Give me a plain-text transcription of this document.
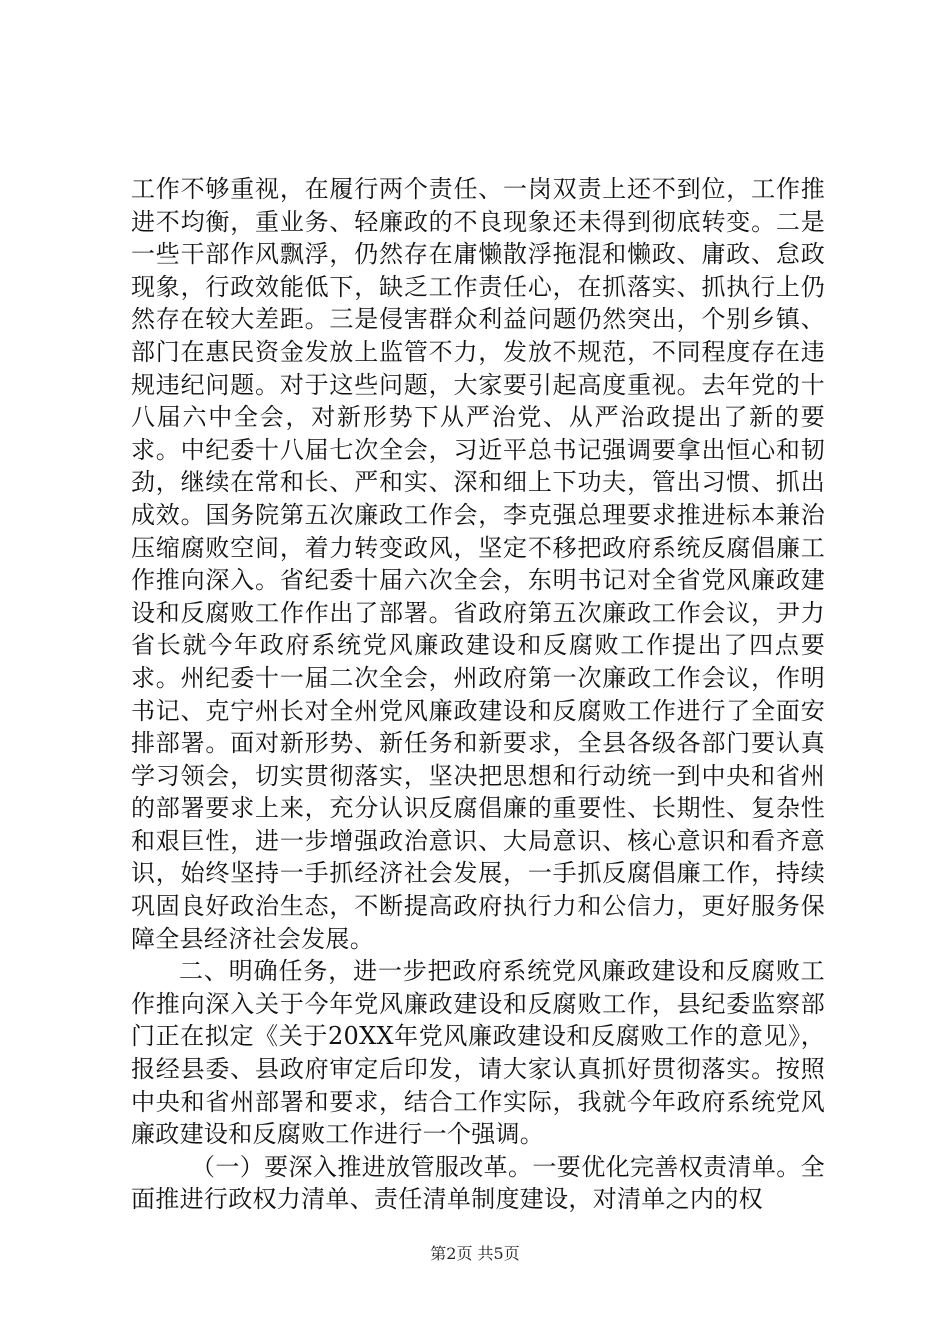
工作不够重视，在履行两个责任、一岗双责上还不到位，工作推进不均衡，重业务、轻廉政的不良现象还未得到彻底转变。二是一些干部作风飘浮，仍然存在庸懒散浮拖混和懒政、庸政、怠政现象，行政效能低下，缺乏工作责任心，在抓落实、抓执行上仍然存在较大差距。三是侵害群众利益问题仍然突出，个别乡镇、部门在惠民资金发放上监管不力，发放不规范，不同程度存在违规违纪问题。对于这些问题，大家要引起高度重视。去年党的十八届六中全会，对新形势下从严治党、从严治政提出了新的要求。中纪委十八届七次全会，习近平总书记强调要拿出恒心和韧劲，继续在常和长、严和实、深和细上下功夫，管出习惯、抓出成效。国务院第五次廉政工作会，李克强总理要求推进标本兼治压缩腐败空间，着力转变政风，坚定不移把政府系统反腐倡廉工作推向深入。省纪委十届六次全会，东明书记对全省党风廉政建设和反腐败工作作出了部署。省政府第五次廉政工作会议，尹力省长就今年政府系统党风廉政建设和反腐败工作提出了四点要求。州纪委十一届二次全会，州政府第一次廉政工作会议，作明书记、克宁州长对全州党风廉政建设和反腐败工作进行了全面安排部署。面对新形势、新任务和新要求，全县各级各部门要认真学习领会，切实贯彻落实，坚决把思想和行动统一到中央和省州的部署要求上来，充分认识反腐倡廉的重要性、长期性、复杂性和艰巨性，进一步增强政治意识、大局意识、核心意识和看齐意识，始终坚持一手抓经济社会发展，一手抓反腐倡廉工作，持续巩固良好政治生态，不断提高政府执行力和公信力，更好服务保障全县经济社会发展。

二、明确任务，进一步把政府系统党风廉政建设和反腐败工作推向深入关于今年党风廉政建设和反腐败工作，县纪委监察部门正在拟定《关于20XX年党风廉政建设和反腐败工作的意见》，报经县委、县政府审定后印发，请大家认真抓好贯彻落实。按照中央和省州部署和要求，结合工作实际，我就今年政府系统党风廉政建设和反腐败工作进行一个强调。

（一）要深入推进放管服改革。一要优化完善权责清单。全面推进行政权力清单、责任清单制度建设，对清单之内的权

第2页 共5页
